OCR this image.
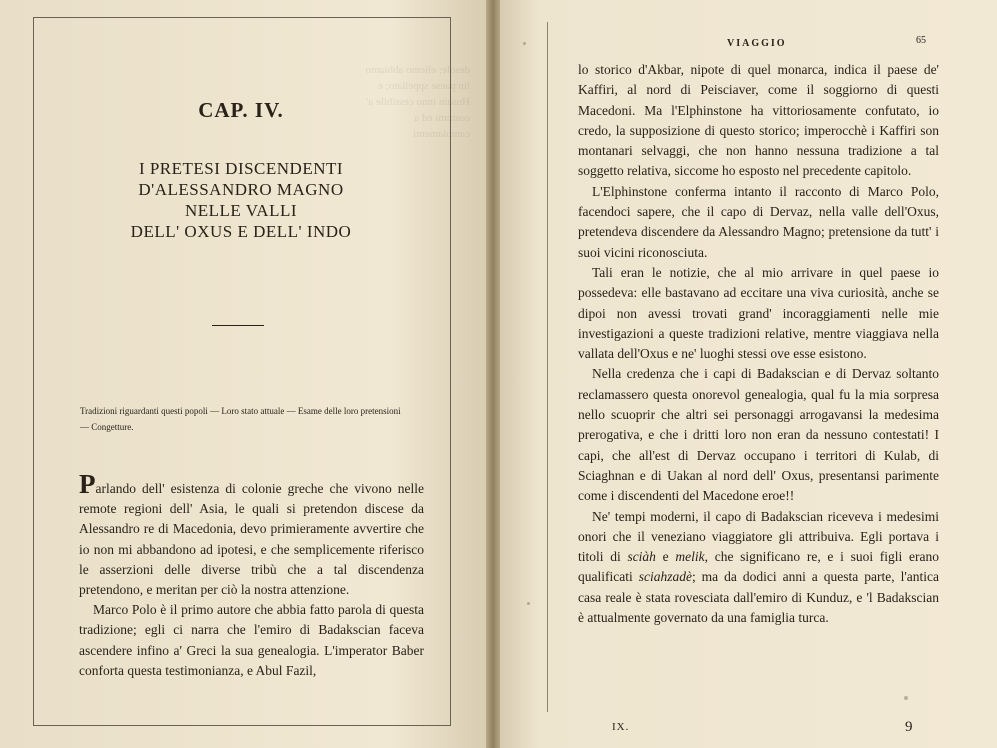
desole; eliemo abbiamo lin paese sppellato; e Husain inno cessibile a' costumi ed a cambiamenti
CAP. IV.
I PRETESI DISCENDENTI
D'ALESSANDRO MAGNO
NELLE VALLI
DELL' OXUS E DELL' INDO
Tradizioni riguardanti questi popoli — Loro stato attuale — Esame delle loro pretensioni — Congetture.

Parlando dell' esistenza di colonie greche che vivono nelle remote regioni dell' Asia, le quali si pretendon discese da Alessandro re di Macedonia, devo primieramente avvertire che io non mi abbandono ad ipotesi, e che semplicemente riferisco le asserzioni delle diverse tribù che a tal discendenza pretendono, e meritan per ciò la nostra attenzione.

Marco Polo è il primo autore che abbia fatto parola di questa tradizione; egli ci narra che l'emiro di Badakscian faceva ascendere infino a' Greci la sua genealogia. L'imperator Baber conforta questa testimonianza, e Abul Fazil,

VIAGGIO	65

lo storico d'Akbar, nipote di quel monarca, indica il paese de' Kaffiri, al nord di Peisciaver, come il soggiorno di questi Macedoni. Ma l'Elphinstone ha vittoriosamente confutato, io credo, la supposizione di questo storico; imperocchè i Kaffiri son montanari selvaggi, che non hanno nessuna tradizione a tal soggetto relativa, siccome ho esposto nel precedente capitolo.

L'Elphinstone conferma intanto il racconto di Marco Polo, facendoci sapere, che il capo di Dervaz, nella valle dell'Oxus, pretendeva discendere da Alessandro Magno; pretensione da tutt' i suoi vicini riconosciuta.

Tali eran le notizie, che al mio arrivare in quel paese io possedeva: elle bastavano ad eccitare una viva curiosità, anche se dipoi non avessi trovati grand' incoraggiamenti nelle mie investigazioni a queste tradizioni relative, mentre viaggiava nella vallata dell'Oxus e ne' luoghi stessi ove esse esistono.

Nella credenza che i capi di Badakscian e di Dervaz soltanto reclamassero questa onorevol genealogia, qual fu la mia sorpresa nello scuoprir che altri sei personaggi arrogavansi la medesima prerogativa, e che i dritti loro non eran da nessuno contestati! I capi, che all'est di Dervaz occupano i territori di Kulab, di Sciaghnan e di Uakan al nord dell' Oxus, presentansi parimente come i discendenti del Macedone eroe!!

Ne' tempi moderni, il capo di Badakscian riceveva i medesimi onori che il veneziano viaggiatore gli attribuiva. Egli portava i titoli di sciàh e melik, che significano re, e i suoi figli erano qualificati sciahzadè; ma da dodici anni a questa parte, l'antica casa reale è stata rovesciata dall'emiro di Kunduz, e 'l Badakscian è attualmente governato da una famiglia turca.

IX.	9
